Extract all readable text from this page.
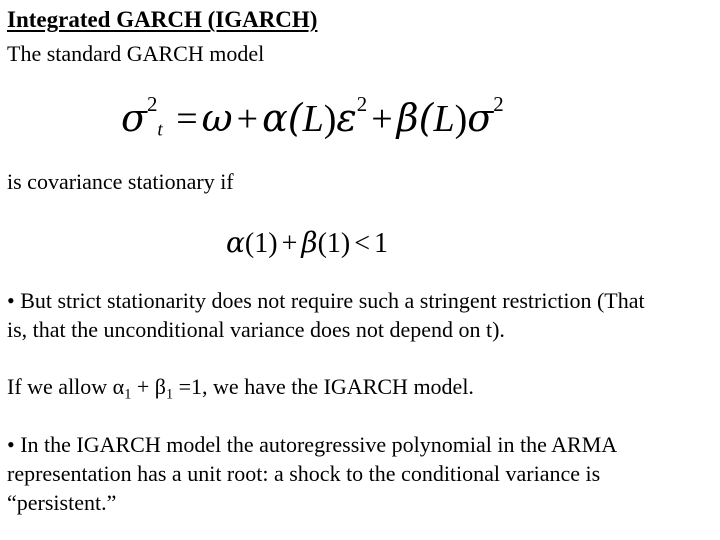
Integrated GARCH (IGARCH)
The standard GARCH model
$\sigma^2t = \omega + \alpha(L)\varepsilon^2 + \beta(L)\sigma^2$
is covariance stationary if
α(1) + β(1) < 1
• But strict stationarity does not require such a stringent restriction (That
is, that the unconditional variance does not depend on t).
If we allow $\alpha_1 + \beta_1 =1$, we have the IGARCH model.
• In the IGARCH model the autoregressive polynomial in the ARMA
representation has a unit root: a shock to the conditional variance is
“persistent.”
